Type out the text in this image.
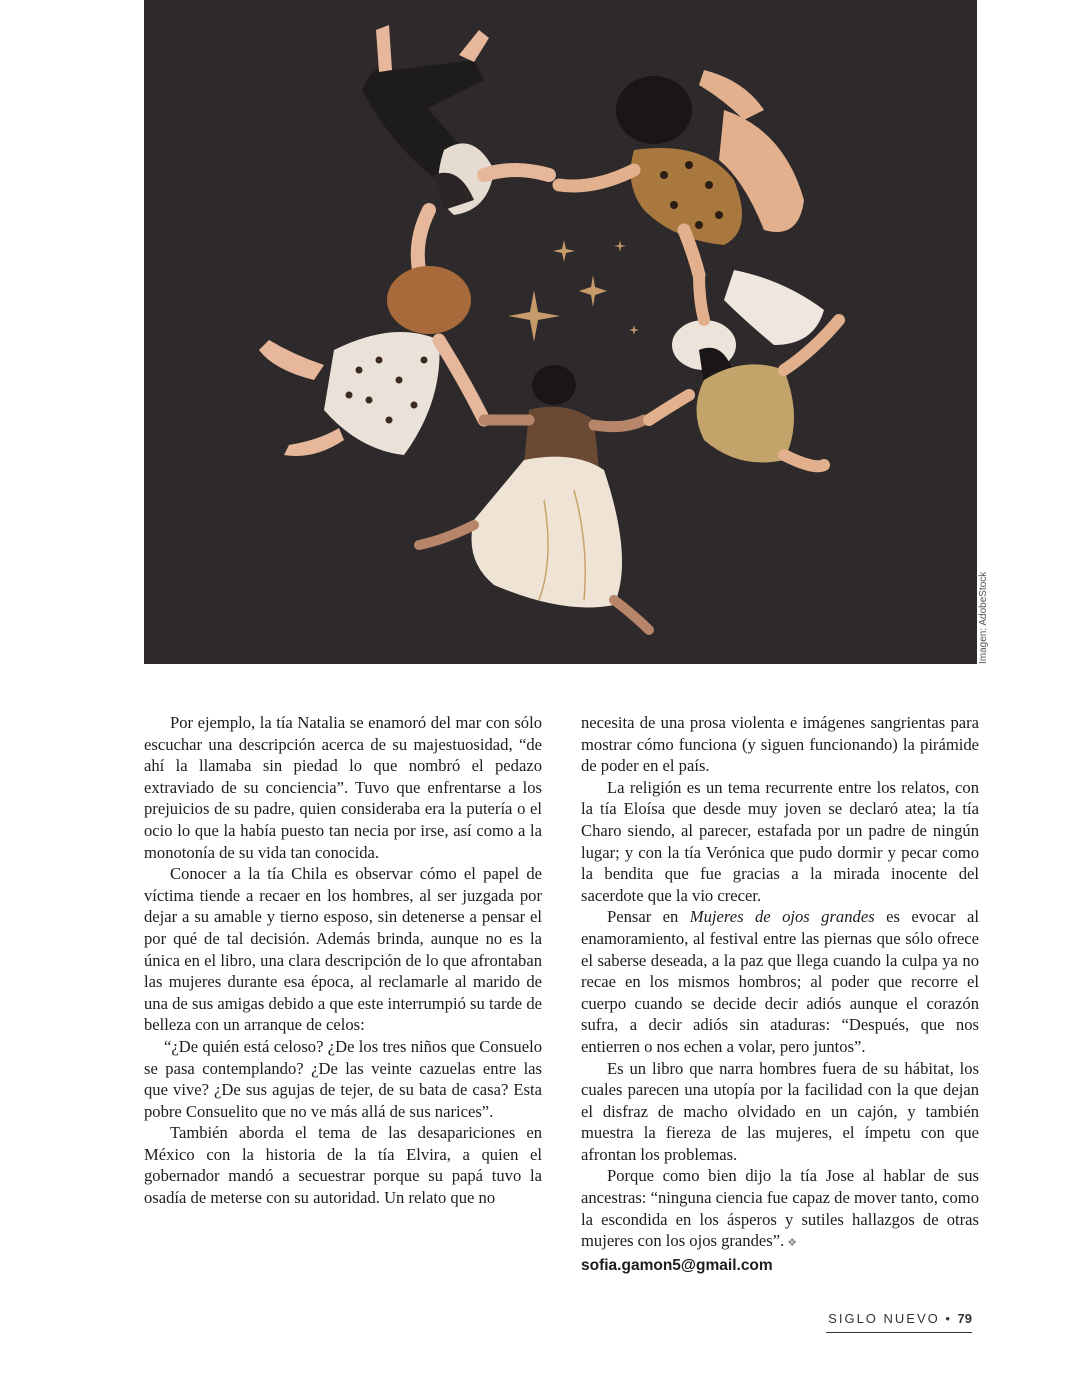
Imagen: AdobeStock

Por ejemplo, la tía Natalia se enamoró del mar con sólo escuchar una descripción acerca de su majestuosidad, “de ahí la llamaba sin piedad lo que nombró el pedazo extraviado de su conciencia”. Tuvo que enfrentarse a los prejuicios de su padre, quien consideraba era la putería o el ocio lo que la había puesto tan necia por irse, así como a la monotonía de su vida tan conocida.

Conocer a la tía Chila es observar cómo el papel de víctima tiende a recaer en los hombres, al ser juzgada por dejar a su amable y tierno esposo, sin detenerse a pensar el por qué de tal decisión. Además brinda, aunque no es la única en el libro, una clara descripción de lo que afrontaban las mujeres durante esa época, al reclamarle al marido de una de sus amigas debido a que este interrumpió su tarde de belleza con un arranque de celos:

“¿De quién está celoso? ¿De los tres niños que Consuelo se pasa contemplando? ¿De las veinte cazuelas entre las que vive? ¿De sus agujas de tejer, de su bata de casa? Esta pobre Consuelito que no ve más allá de sus narices”.

También aborda el tema de las desapariciones en México con la historia de la tía Elvira, a quien el gobernador mandó a secuestrar porque su papá tuvo la osadía de meterse con su autoridad. Un relato que no

necesita de una prosa violenta e imágenes sangrientas para mostrar cómo funciona (y siguen funcionando) la pirámide de poder en el país.

La religión es un tema recurrente entre los relatos, con la tía Eloísa que desde muy joven se declaró atea; la tía Charo siendo, al parecer, estafada por un padre de ningún lugar; y con la tía Verónica que pudo dormir y pecar como la bendita que fue gracias a la mirada inocente del sacerdote que la vio crecer.

Pensar en Mujeres de ojos grandes es evocar al enamoramiento, al festival entre las piernas que sólo ofrece el saberse deseada, a la paz que llega cuando la culpa ya no recae en los mismos hombros; al poder que recorre el cuerpo cuando se decide decir adiós aunque el corazón sufra, a decir adiós sin ataduras: “Después, que nos entierren o nos echen a volar, pero juntos”.

Es un libro que narra hombres fuera de su hábitat, los cuales parecen una utopía por la facilidad con la que dejan el disfraz de macho olvidado en un cajón, y también muestra la fiereza de las mujeres, el ímpetu con que afrontan los problemas.

Porque como bien dijo la tía Jose al hablar de sus ancestras: “ninguna ciencia fue capaz de mover tanto, como la escondida en los ásperos y sutiles hallazgos de otras mujeres con los ojos grandes”. ❖

sofia.gamon5@gmail.com

SIGLO NUEVO • 79
